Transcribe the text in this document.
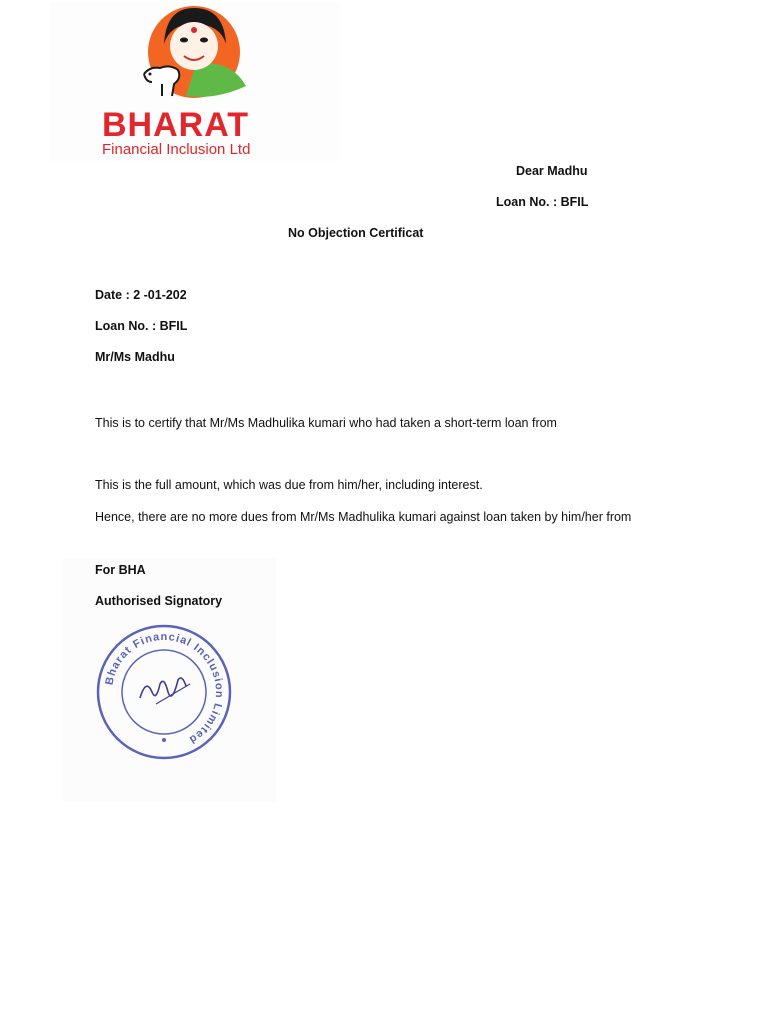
BHARAT
Financial Inclusion Ltd
Dear Madhu
Loan No. : BFIL
No Objection Certificat
Date : 2 -01-202
Loan No. : BFIL
Mr/Ms Madhu
This is to certify that Mr/Ms Madhulika kumari who had taken a short-term loan from
This is the full amount, which was due from him/her, including interest.
Hence, there are no more dues from Mr/Ms Madhulika kumari against loan taken by him/her from
Bharat Financial Inclusion Limited
For BHA
Authorised Signatory
